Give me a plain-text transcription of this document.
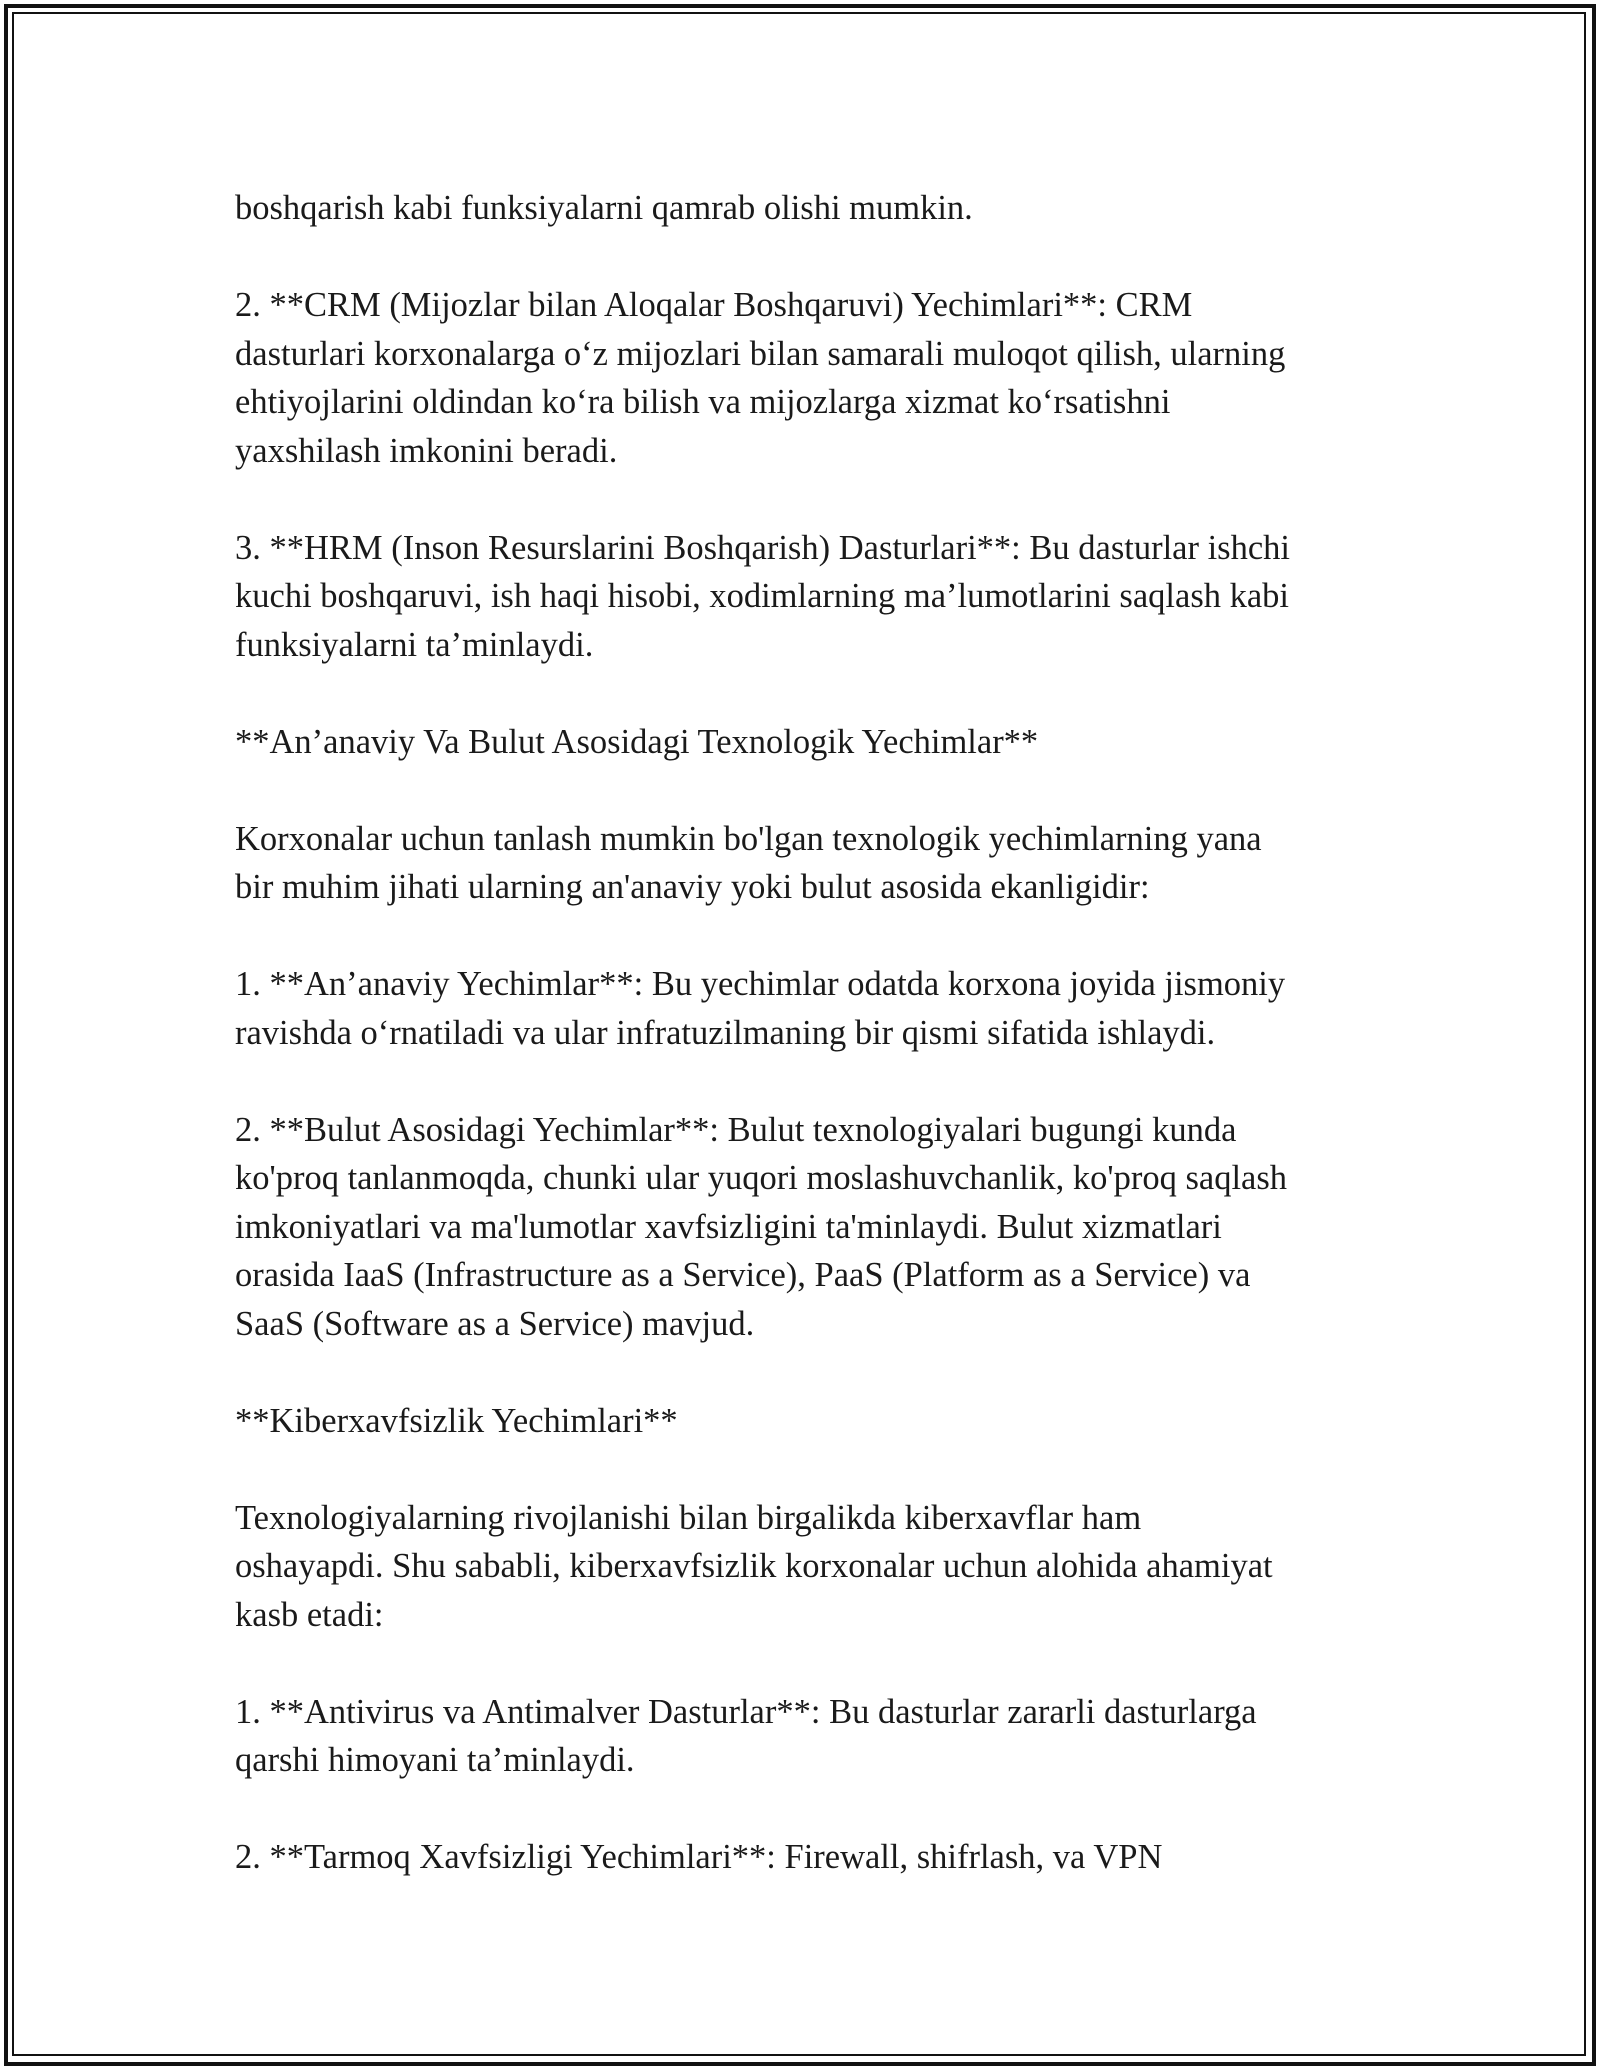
boshqarish kabi funksiyalarni qamrab olishi mumkin.

2. **CRM (Mijozlar bilan Aloqalar Boshqaruvi) Yechimlari**: CRM
dasturlari korxonalarga o‘z mijozlari bilan samarali muloqot qilish, ularning
ehtiyojlarini oldindan ko‘ra bilish va mijozlarga xizmat ko‘rsatishni
yaxshilash imkonini beradi.

3. **HRM (Inson Resurslarini Boshqarish) Dasturlari**: Bu dasturlar ishchi
kuchi boshqaruvi, ish haqi hisobi, xodimlarning ma’lumotlarini saqlash kabi
funksiyalarni ta’minlaydi.

**An’anaviy Va Bulut Asosidagi Texnologik Yechimlar**

Korxonalar uchun tanlash mumkin bo'lgan texnologik yechimlarning yana
bir muhim jihati ularning an'anaviy yoki bulut asosida ekanligidir:

1. **An’anaviy Yechimlar**: Bu yechimlar odatda korxona joyida jismoniy
ravishda o‘rnatiladi va ular infratuzilmaning bir qismi sifatida ishlaydi.

2. **Bulut Asosidagi Yechimlar**: Bulut texnologiyalari bugungi kunda
ko'proq tanlanmoqda, chunki ular yuqori moslashuvchanlik, ko'proq saqlash
imkoniyatlari va ma'lumotlar xavfsizligini ta'minlaydi. Bulut xizmatlari
orasida IaaS (Infrastructure as a Service), PaaS (Platform as a Service) va
SaaS (Software as a Service) mavjud.

**Kiberxavfsizlik Yechimlari**

Texnologiyalarning rivojlanishi bilan birgalikda kiberxavflar ham
oshayapdi. Shu sababli, kiberxavfsizlik korxonalar uchun alohida ahamiyat
kasb etadi:

1. **Antivirus va Antimalver Dasturlar**: Bu dasturlar zararli dasturlarga
qarshi himoyani ta’minlaydi.

2. **Tarmoq Xavfsizligi Yechimlari**: Firewall, shifrlash, va VPN
